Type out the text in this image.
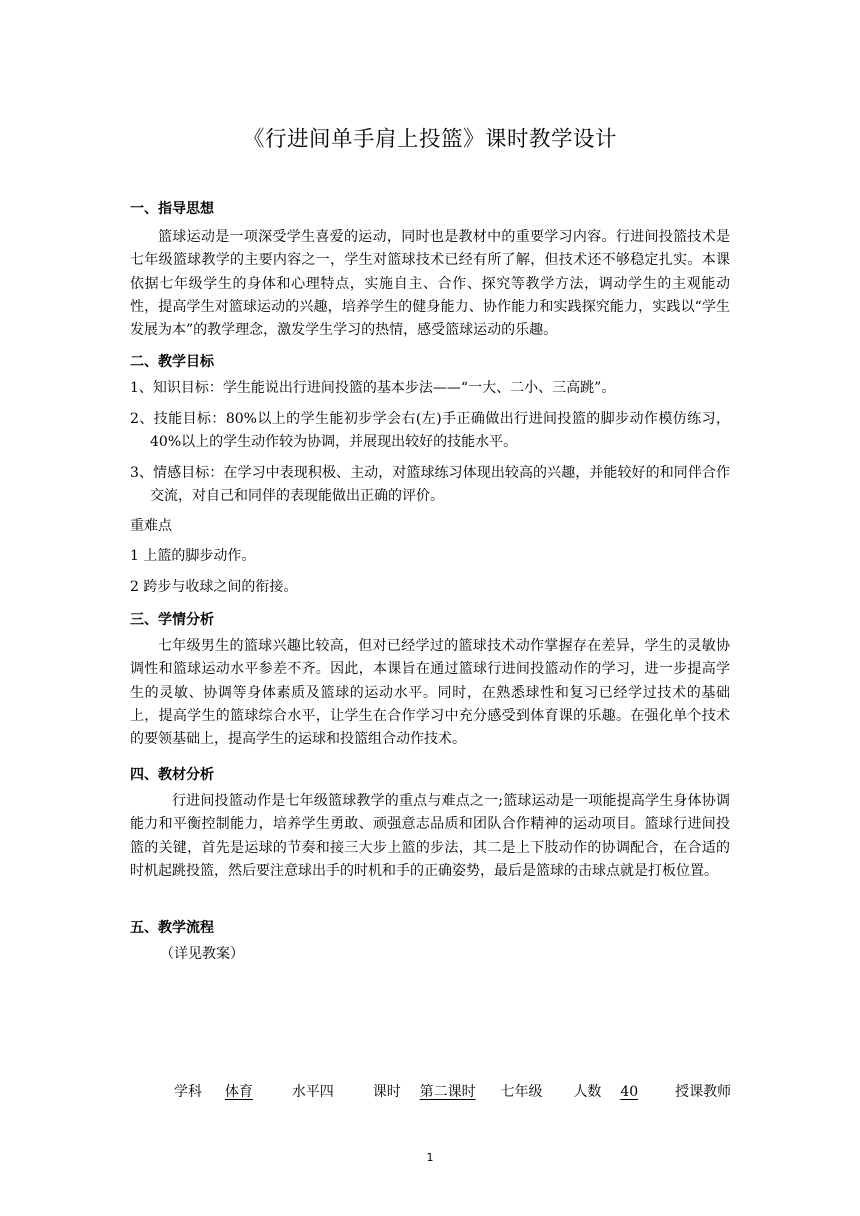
《行进间单手肩上投篮》课时教学设计
一、指导思想
篮球运动是一项深受学生喜爱的运动，同时也是教材中的重要学习内容。行进间投篮技术是七年级篮球教学的主要内容之一，学生对篮球技术已经有所了解，但技术还不够稳定扎实。本课依据七年级学生的身体和心理特点，实施自主、合作、探究等教学方法，调动学生的主观能动性，提高学生对篮球运动的兴趣，培养学生的健身能力、协作能力和实践探究能力，实践以“学生发展为本”的教学理念，激发学生学习的热情，感受篮球运动的乐趣。
二、教学目标
1、知识目标：学生能说出行进间投篮的基本步法——“一大、二小、三高跳”。
2、技能目标：80%以上的学生能初步学会右(左)手正确做出行进间投篮的脚步动作模仿练习，40%以上的学生动作较为协调，并展现出较好的技能水平。
3、情感目标：在学习中表现积极、主动，对篮球练习体现出较高的兴趣，并能较好的和同伴合作交流，对自己和同伴的表现能做出正确的评价。
重难点
1 上篮的脚步动作。
2 跨步与收球之间的衔接。
三、学情分析
七年级男生的篮球兴趣比较高，但对已经学过的篮球技术动作掌握存在差异，学生的灵敏协调性和篮球运动水平参差不齐。因此，本课旨在通过篮球行进间投篮动作的学习，进一步提高学生的灵敏、协调等身体素质及篮球的运动水平。同时，在熟悉球性和复习已经学过技术的基础上，提高学生的篮球综合水平，让学生在合作学习中充分感受到体育课的乐趣。在强化单个技术的要领基础上，提高学生的运球和投篮组合动作技术。
四、教材分析
行进间投篮动作是七年级篮球教学的重点与难点之一;篮球运动是一项能提高学生身体协调能力和平衡控制能力，培养学生勇敢、顽强意志品质和团队合作精神的运动项目。篮球行进间投篮的关键，首先是运球的节奏和接三大步上篮的步法，其二是上下肢动作的协调配合，在合适的时机起跳投篮，然后要注意球出手的时机和手的正确姿势，最后是篮球的击球点就是打板位置。
五、教学流程
（详见教案）
学科 体育	水平四	课时 第二课时 七年级 人数 40	授课教师
1
